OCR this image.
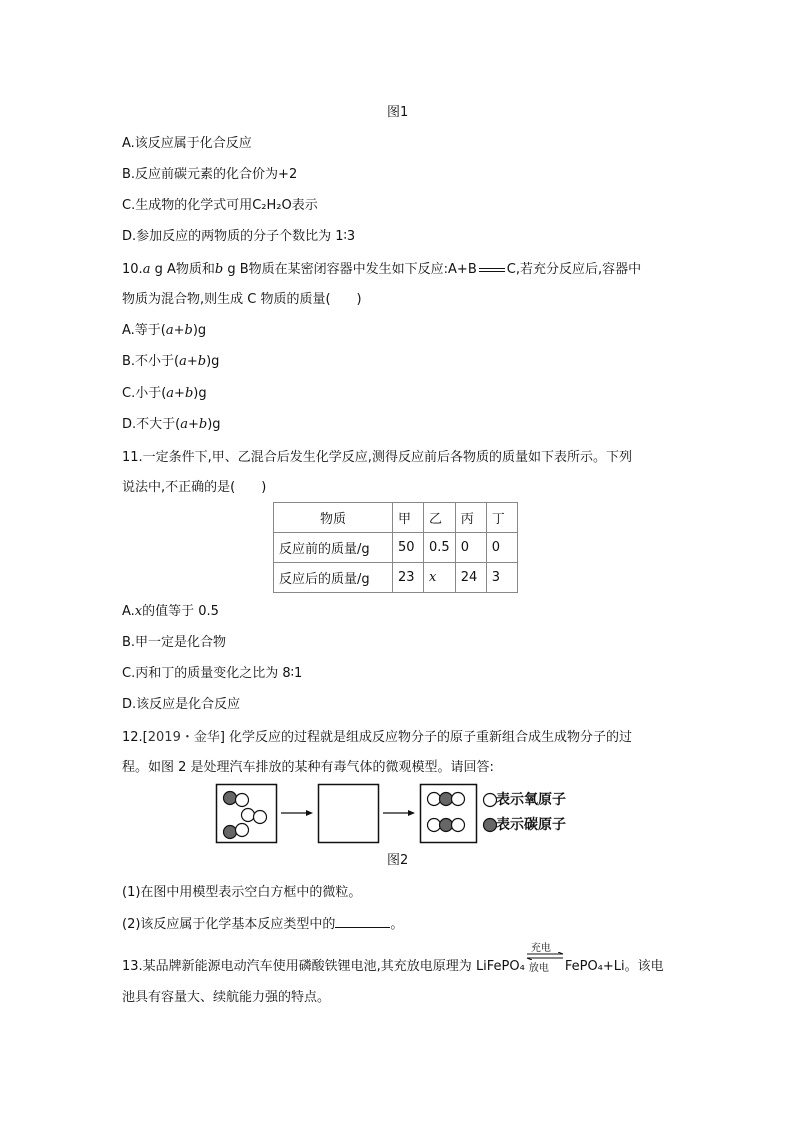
图1
A.该反应属于化合反应
B.反应前碳元素的化合价为+2
C.生成物的化学式可用C₂H₂O表示
D.参加反应的两物质的分子个数比为 1∶3
10.a g A物质和b g B物质在某密闭容器中发生如下反应:A+B C,若充分反应后,容器中
物质为混合物,则生成 C 物质的质量(　　)
A.等于(a+b)g
B.不小于(a+b)g
C.小于(a+b)g
D.不大于(a+b)g
11.一定条件下,甲、乙混合后发生化学反应,测得反应前后各物质的质量如下表所示。下列
说法中,不正确的是(　　)
物质	甲	乙	丙	丁
反应前的质量/g	50	0.5	0	0
反应后的质量/g	23	x	24	3
A.x的值等于 0.5
B.甲一定是化合物
C.丙和丁的质量变化之比为 8∶1
D.该反应是化合反应
12.[2019・金华] 化学反应的过程就是组成反应物分子的原子重新组合成生成物分子的过
程。如图 2 是处理汽车排放的某种有毒气体的微观模型。请回答:
表示氧原子
表示碳原子
图2
(1)在图中用模型表示空白方框中的微粒。
(2)该反应属于化学基本反应类型中的	。
13.某品牌新能源电动汽车使用磷酸铁锂电池,其充放电原理为 LiFePO₄
充电
放电 FePO₄+Li。该电
池具有容量大、续航能力强的特点。
